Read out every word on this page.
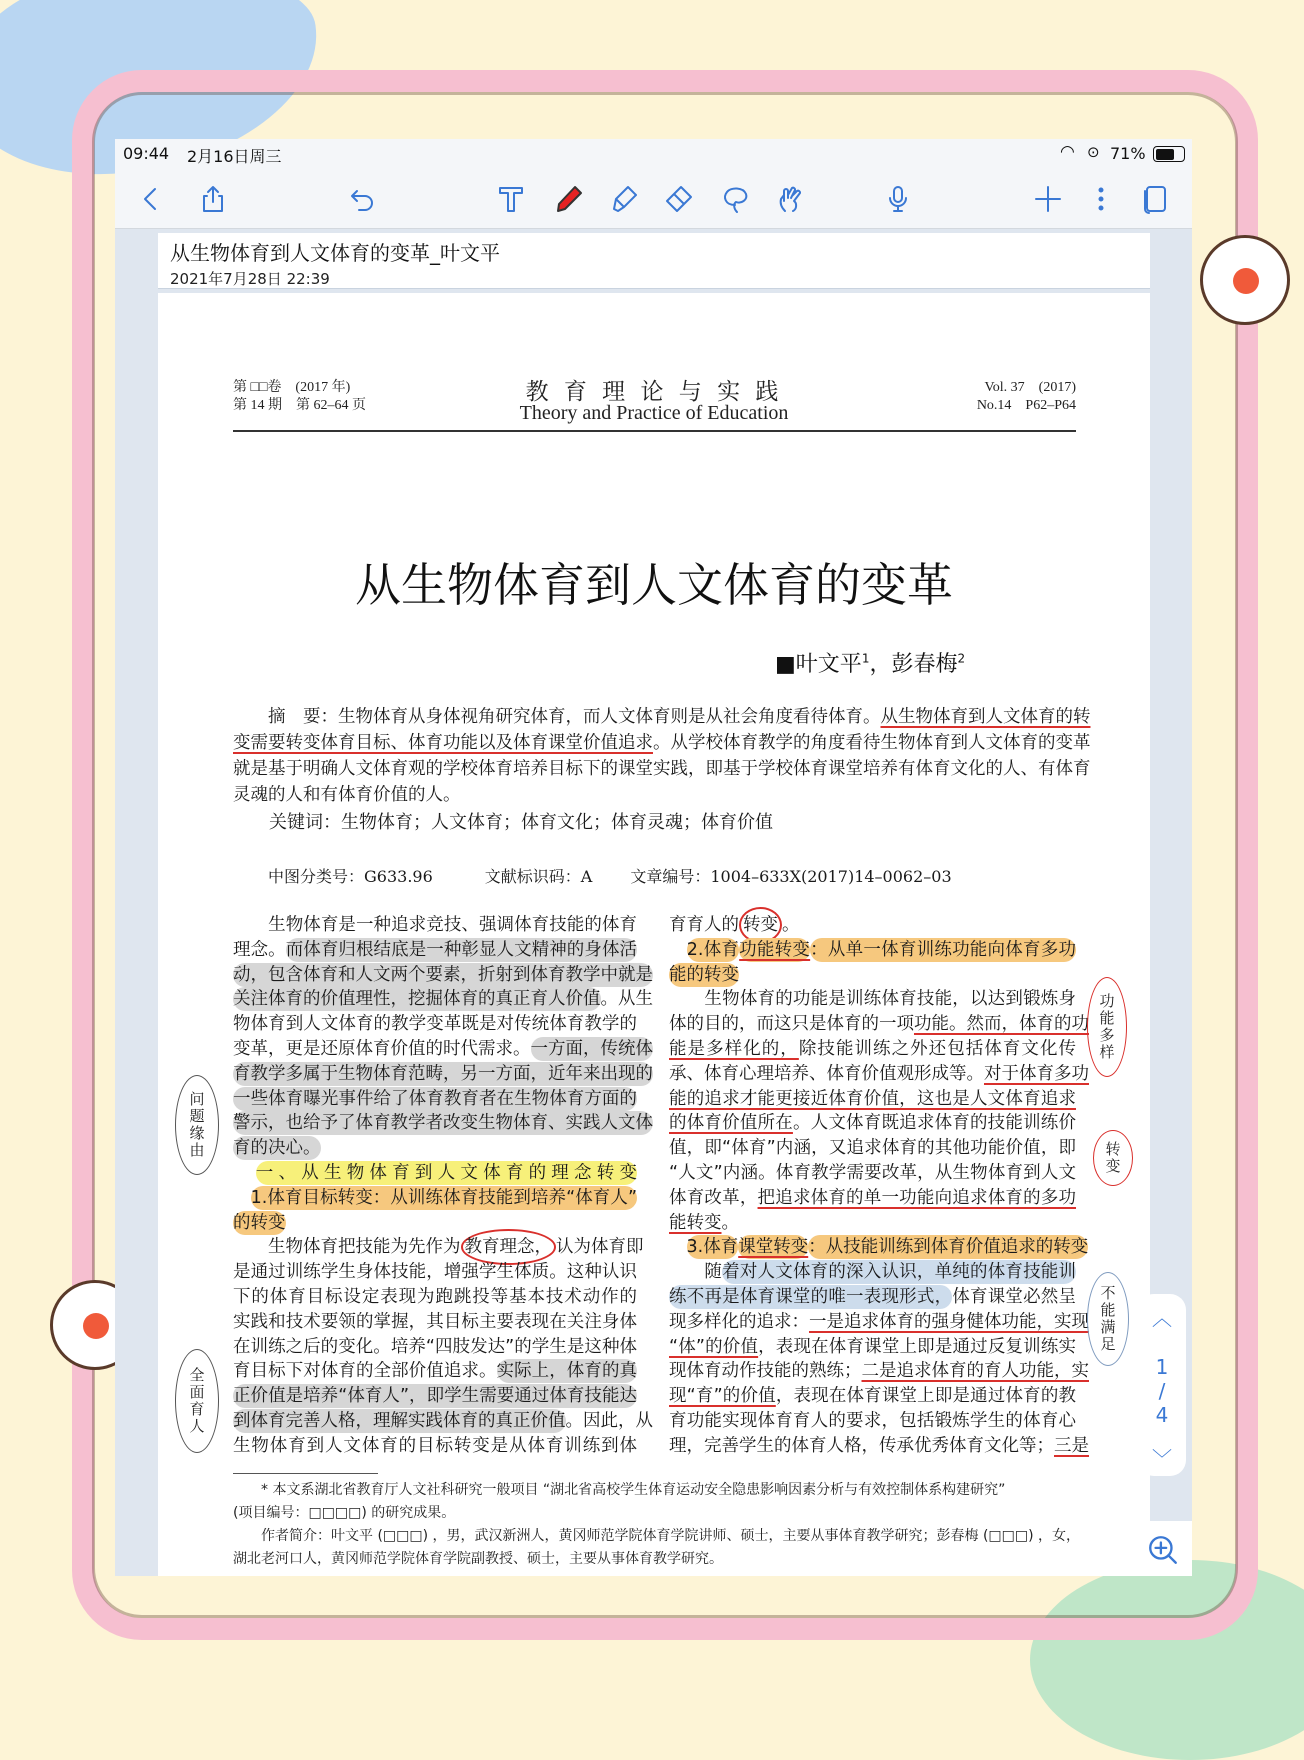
09:44 2月16日周三	◠ ⊙ 71%
从生物体育到人文体育的变革_叶文平
2021年7月28日 22:39
第 □□卷　(2017 年)
第 14 期　第 62–64 页
教 育 理 论 与 实 践
Theory and Practice of Education
Vol. 37　(2017)
No.14　P62–P64
从生物体育到人文体育的变革
■叶文平$^1$，彭春梅$^2$
　　摘　要：生物体育从身体视角研究体育，而人文体育则是从社会角度看待体育。从生物体育到人文体育的转
变需要转变体育目标、体育功能以及体育课堂价值追求。从学校体育教学的角度看待生物体育到人文体育的变革
就是基于明确人文体育观的学校体育培养目标下的课堂实践，即基于学校体育课堂培养有体育文化的人、有体育
灵魂的人和有体育价值的人。
　　关键词：生物体育；人文体育；体育文化；体育灵魂；体育价值
中图分类号：G633.96	文献标识码：A 文章编号：1004–633X(2017)14–0062–03
　　生物体育是一种追求竞技、强调体育技能的体育
理念。而体育归根结底是一种彰显人文精神的身体活
动，包含体育和人文两个要素，折射到体育教学中就是
关注体育的价值理性，挖掘体育的真正育人价值。从生
物体育到人文体育的教学变革既是对传统体育教学的
变革，更是还原体育价值的时代需求。一方面，传统体
育教学多属于生物体育范畴，另一方面，近年来出现的
一些体育曝光事件给了体育教育者在生物体育方面的
警示，也给予了体育教学者改变生物体育、实践人文体
育的决心。
　一、从生物体育到人文体育的理念转变
　1.体育目标转变：从训练体育技能到培养“体育人”
的转变
　　生物体育把技能为先作为 教育理念， 认为体育即
是通过训练学生身体技能，增强学生体质。这种认识
下的体育目标设定表现为跑跳投等基本技术动作的
实践和技术要领的掌握，其目标主要表现在关注身体
在训练之后的变化。培养“四肢发达”的学生是这种体
育目标下对体育的全部价值追求。实际上，体育的真
正价值是培养“体育人”，即学生需要通过体育技能达
到体育完善人格，理解实践体育的真正价值。因此，从
生物体育到人文体育的目标转变是从体育训练到体
育育人的 转变 。
　2.体育功能转变：从单一体育训练功能向体育多功
能的转变
　　生物体育的功能是训练体育技能，以达到锻炼身
体的目的，而这只是体育的一项功能。然而，体育的功
能是多样化的，除技能训练之外还包括体育文化传
承、体育心理培养、体育价值观形成等。对于体育多功
能的追求才能更接近体育价值，这也是人文体育追求
的体育价值所在。人文体育既追求体育的技能训练价
值，即“体育”内涵，又追求体育的其他功能价值，即
“人文”内涵。体育教学需要改革，从生物体育到人文
体育改革，把追求体育的单一功能向追求体育的多功
能转变。
　3.体育课堂转变：从技能训练到体育价值追求的转变
　　随着对人文体育的深入认识，单纯的体育技能训
练不再是体育课堂的唯一表现形式，体育课堂必然呈
现多样化的追求：一是追求体育的强身健体功能，实现
“体”的价值，表现在体育课堂上即是通过反复训练实
现体育动作技能的熟练；二是追求体育的育人功能，实
现“育”的价值，表现在体育课堂上即是通过体育的教
育功能实现体育育人的要求，包括锻炼学生的体育心
理，完善学生的体育人格，传承优秀体育文化等；三是
　　* 本文系湖北省教育厅人文社科研究一般项目 “湖北省高校学生体育运动安全隐患影响因素分析与有效控制体系构建研究”
(项目编号：□□□□) 的研究成果。
　　作者简介：叶文平 (□□□) ，男，武汉新洲人，黄冈师范学院体育学院讲师、硕士，主要从事体育教学研究；彭春梅 (□□□) ，女，
湖北老河口人，黄冈师范学院体育学院副教授、硕士，主要从事体育教学研究。
问题缘由
全面育人
功能多样
转变
不能满足	︿
1
/
4
﹀
